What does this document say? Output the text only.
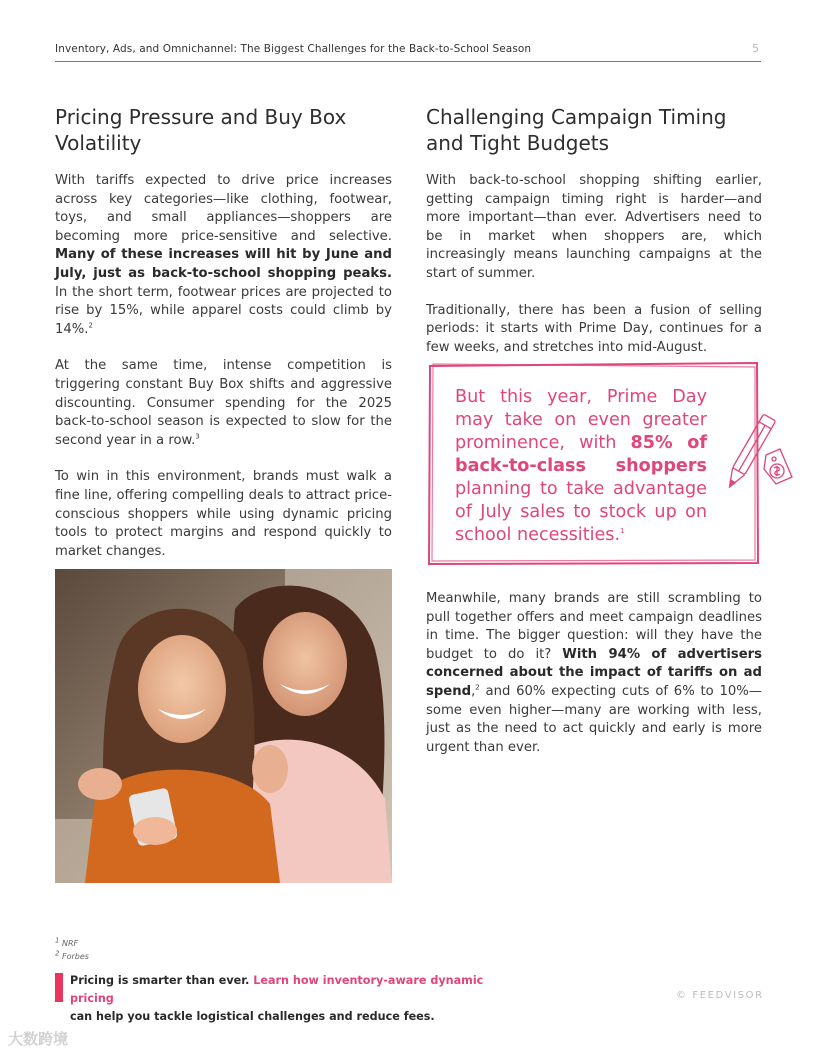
Inventory, Ads, and Omnichannel: The Biggest Challenges for the Back-to-School Season	5
Pricing Pressure and Buy Box Volatility

With tariffs expected to drive price increases across key categories—like clothing, footwear, toys, and small appliances—shoppers are becoming more price-sensitive and selective. Many of these increases will hit by June and July, just as back-to-school shopping peaks. In the short term, footwear prices are projected to rise by 15%, while apparel costs could climb by 14%.$^2$

At the same time, intense competition is triggering constant Buy Box shifts and aggressive discounting. Consumer spending for the 2025 back-to-school season is expected to slow for the second year in a row.$^3$

To win in this environment, brands must walk a fine line, offering compelling deals to attract price-conscious shoppers while using dynamic pricing tools to protect margins and respond quickly to market changes.

Challenging Campaign Timing and Tight Budgets

With back-to-school shopping shifting earlier, getting campaign timing right is harder—and more important—than ever. Advertisers need to be in market when shoppers are, which increasingly means launching campaigns at the start of summer.

Traditionally, there has been a fusion of selling periods: it starts with Prime Day, continues for a few weeks, and stretches into mid-August.

But this year, Prime Day may take on even greater prominence, with 85% of back-to-class shoppers planning to take advantage of July sales to stock up on school necessities.$^1$

Meanwhile, many brands are still scrambling to pull together offers and meet campaign deadlines in time. The bigger question: will they have the budget to do it? With 94% of advertisers concerned about the impact of tariffs on ad spend,$^2$ and 60% expecting cuts of 6% to 10%—some even higher—many are working with less, just as the need to act quickly and early is more urgent than ever.

$^1$ NRF
$^2$ Forbes
Pricing is smarter than ever. Learn how inventory-aware dynamic pricing
can help you tackle logistical challenges and reduce fees.
© FEEDVISOR
大数跨境
